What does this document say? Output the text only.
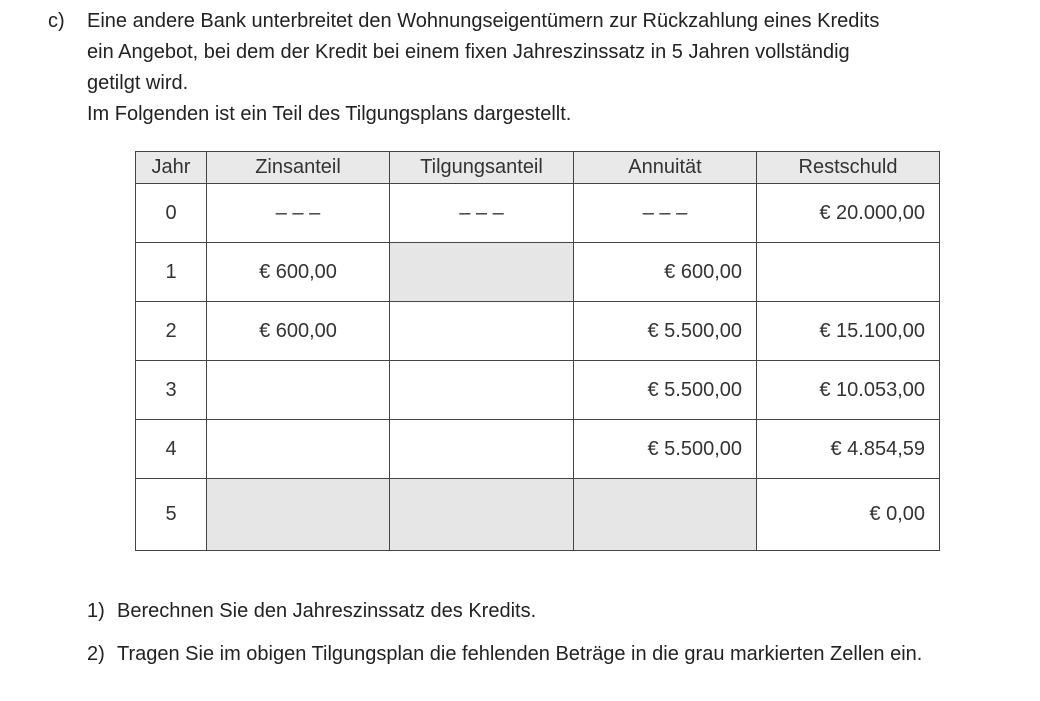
c) Eine andere Bank unterbreitet den Wohnungseigentümern zur Rückzahlung eines Kredits

ein Angebot, bei dem der Kredit bei einem fixen Jahreszinssatz in 5 Jahren vollständig

getilgt wird.

Im Folgenden ist ein Teil des Tilgungsplans dargestellt.

Jahr	Zinsanteil	Tilgungsanteil	Annuität	Restschuld
0	– – –	– – –	– – –	€ 20.000,00
1	€ 600,00		€ 600,00	
2	€ 600,00		€ 5.500,00	€ 15.100,00
3			€ 5.500,00	€ 10.053,00
4			€ 5.500,00	€ 4.854,59
5				€ 0,00
1) Berechnen Sie den Jahreszinssatz des Kredits.
2) Tragen Sie im obigen Tilgungsplan die fehlenden Beträge in die grau markierten Zellen ein.
